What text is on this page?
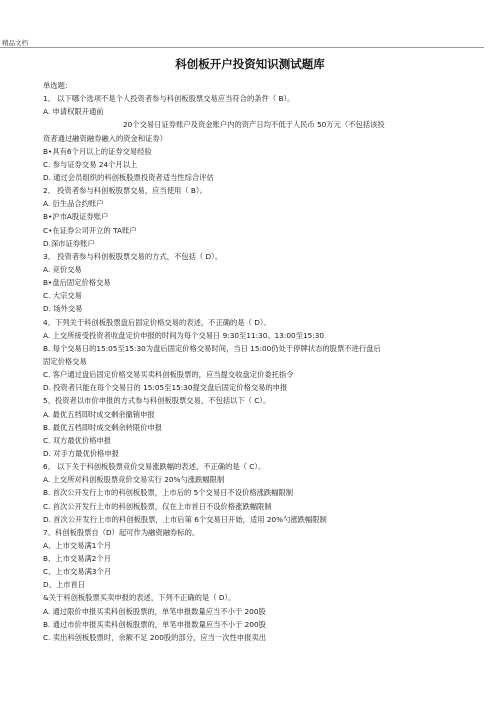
精品文档
科创板开户投资知识测试题库
单选题：
1、 以下哪个选项不是个人投资者参与科创板股票交易应当符合的条件（ B）。
A. 申请权限开通前
20个交易日证券账户及资金账户内的资产日均不低于人民币 50万元（不包括该投
资者通过融资融券融入的资金和证券）
B•具有6个月以上的证券交易经验
C. 参与证券交易 24个月以上
D. 通过会员组织的科创板股票投资者适当性综合评估
2、 投资者参与科创板股票交易，应当使用（ B）。
A. 衍生品合约账户
B•沪市A股证券账户
C•在证券公司开立的 TA账户
D.深市证券账户
3、 投资者参与科创板股票交易的方式，不包括（ D）。
A. 竞价交易
B•盘后固定价格交易
C. 大宗交易
D. 场外交易
4、下列关于科创板股票盘后固定价格交易的表述，不正确的是（ D）。
A. 上交所接受投资者收盘定价申报的时间为每个交易日 9:30至11:30、13:00至15:30
B. 每个交易日的15:05至15:30为盘后固定价格交易时间，当日 15:00仍处于停牌状态的股票不进行盘后
固定价格交易
C. 客户通过盘后固定价格交易买卖科创板股票的，应当提交收盘定价委托指令
D. 投资者只能在每个交易日的 15:05至15:30提交盘后固定价格交易的申报
5、投资者以市价申报的方式参与科创板股票交易，不包括以下（ C）。
A. 最优五档即时成交剩余撤销申报
B. 最优五档即时成交剩余转限价申报
C. 双方最优价格申报
D. 对手方最优价格申报
6、 以下关于科创板股票竞价交易涨跌幅的表述，不正确的是（ C）。
A. 上交所对科创板股票竞价交易实行 20%勺涨跌幅限制
B. 首次公开发行上市的科创板股票，上市后的 5个交易日不设价格涨跌幅限制
C. 首次公开发行上市的科创板股票，仅在上市首日不设价格涨跌幅限制
D. 首次公开发行上市的科创板股票，上市后第 6个交易日开始，适用 20%勺涨跌幅限制
7、科创板股票自（D）起可作为融资融券标的。
A、上市交易满1个月
B、上市交易满2个月
C、上市交易满3个月
D、上市首日
&关于科创板股票买卖申报的表述，下列不正确的是（ D）。
A. 通过限价申报买卖科创板股票的，单笔申报数量应当不小于 200股
B. 通过市价申报买卖科创板股票的，单笔申报数量应当不小于 200股
C. 卖出科创板股票时，余额不足 200股的部分，应当一次性申报卖出
